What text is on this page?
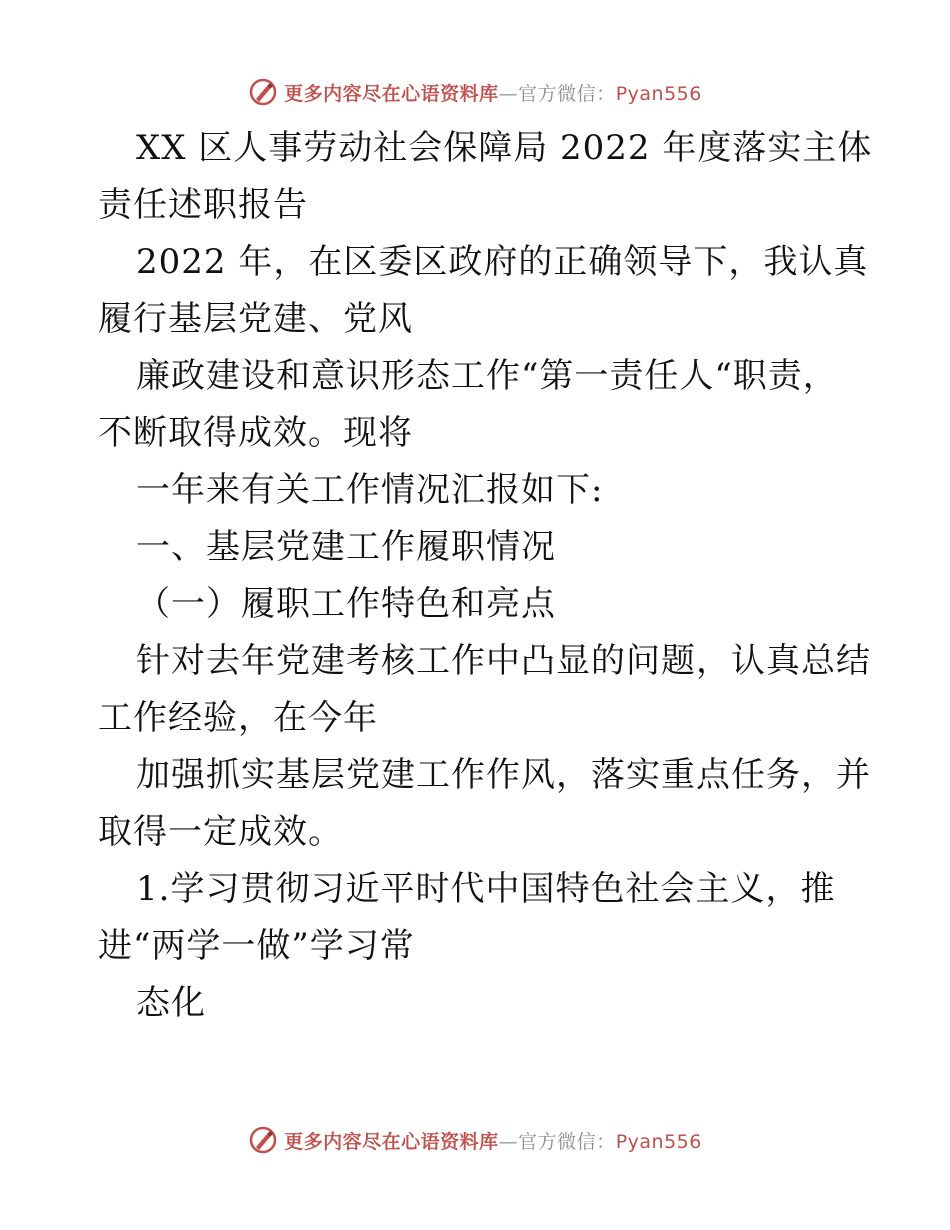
更多内容尽在心语资料库—官方微信：Pyan556

XX 区人事劳动社会保障局 2022 年度落实主体

责任述职报告

2022 年，在区委区政府的正确领导下，我认真

履行基层党建、党风

廉政建设和意识形态工作“第一责任人“职责，

不断取得成效。现将

一年来有关工作情况汇报如下:

一、基层党建工作履职情况

（一）履职工作特色和亮点

针对去年党建考核工作中凸显的问题，认真总结

工作经验，在今年

加强抓实基层党建工作作风，落实重点任务，并

取得一定成效。

1.学习贯彻习近平时代中国特色社会主义，推

进“两学一做”学习常

态化

更多内容尽在心语资料库—官方微信：Pyan556
